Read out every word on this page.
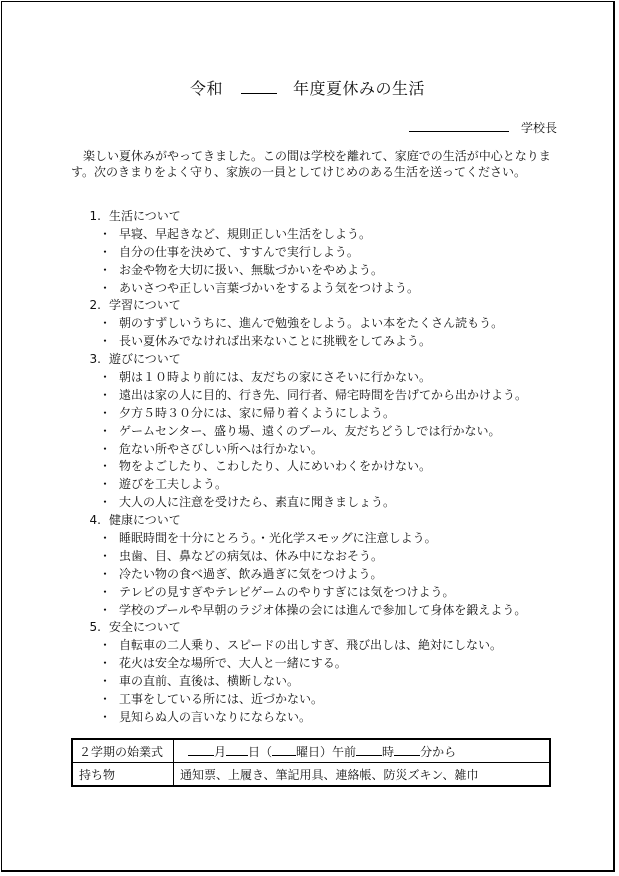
令和	年度夏休みの生活
学校長
楽しい夏休みがやってきました。この間は学校を離れて、家庭での生活が中心となります。次のきまりをよく守り、家族の一員としてけじめのある生活を送ってください。
1. 生活について
・ 早寝、早起きなど、規則正しい生活をしよう。
・ 自分の仕事を決めて、すすんで実行しよう。
・ お金や物を大切に扱い、無駄づかいをやめよう。
・ あいさつや正しい言葉づかいをするよう気をつけよう。
2. 学習について
・ 朝のすずしいうちに、進んで勉強をしよう。よい本をたくさん読もう。
・ 長い夏休みでなければ出来ないことに挑戦をしてみよう。
3. 遊びについて
・ 朝は１０時より前には、友だちの家にさそいに行かない。
・ 遠出は家の人に目的、行き先、同行者、帰宅時間を告げてから出かけよう。
・ 夕方５時３０分には、家に帰り着くようにしよう。
・ ゲームセンター、盛り場、遠くのプール、友だちどうしでは行かない。
・ 危ない所やさびしい所へは行かない。
・ 物をよごしたり、こわしたり、人にめいわくをかけない。
・ 遊びを工夫しよう。
・ 大人の人に注意を受けたら、素直に聞きましょう。
4. 健康について
・ 睡眠時間を十分にとろう。・光化学スモッグに注意しよう。
・ 虫歯、目、鼻などの病気は、休み中になおそう。
・ 冷たい物の食べ過ぎ、飲み過ぎに気をつけよう。
・ テレビの見すぎやテレビゲームのやりすぎには気をつけよう。
・ 学校のプールや早朝のラジオ体操の会には進んで参加して身体を鍛えよう。
5. 安全について
・ 自転車の二人乗り、スピードの出しすぎ、飛び出しは、絶対にしない。
・ 花火は安全な場所で、大人と一緒にする。
・ 車の直前、直後は、横断しない。
・ 工事をしている所には、近づかない。
・ 見知らぬ人の言いなりにならない。
２学期の始業式	月 日（ 曜日）午前 時 分から
持ち物	通知票、上履き、筆記用具、連絡帳、防災ズキン、雑巾
